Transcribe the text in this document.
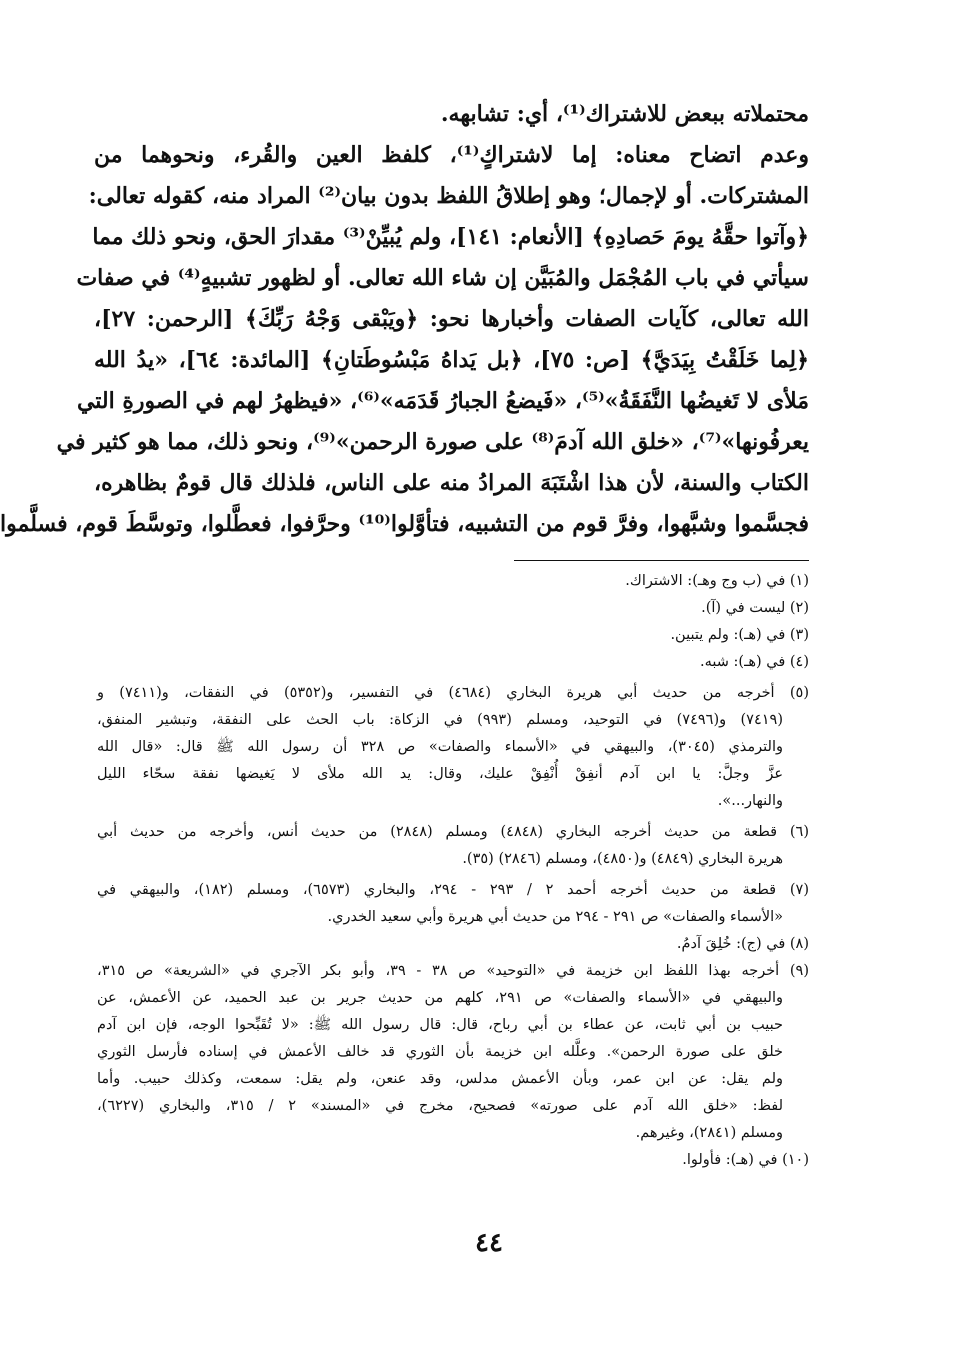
محتملاته ببعض للاشتراك⁽¹⁾، أي: تشابهه.
وعدم اتضاح معناه: إما لاشتراكٍ⁽¹⁾، كلفظ العين والقُرء، ونحوهما من
المشتركات. أو لإجمال؛ وهو إطلاقُ اللفظ بدون بيان⁽²⁾ المراد منه، كقوله تعالى:
﴿وآتوا حقَّهُ يومَ حَصادِهِ﴾ [الأنعام: ١٤١]، ولم يُبيِّنْ⁽³⁾ مقدارَ الحق، ونحو ذلك مما
سيأتي في باب المُجْمَل والمُبَيَّن إن شاء الله تعالى. أو لظهور تشبيهٍ⁽⁴⁾ في صفات
الله تعالى، كآيات الصفات وأخبارها نحو: ﴿ويَبْقى وَجْهُ رَبِّكَ﴾ [الرحمن: ٢٧]،
﴿لِما خَلَقْتُ بِيَدَيَّ﴾ [ص: ٧٥]، ﴿بل يَداهُ مَبْسُوطَتانِ﴾ [المائدة: ٦٤]، «يدُ الله
مَلأى لا تَغيضُها النَّفَقَةُ»⁽⁵⁾، «فَيضعُ الجبارُ قَدَمَه»⁽⁶⁾، «فيظهرُ لهم في الصورةِ التي
يعرفُونها»⁽⁷⁾، «خلق الله آدمَ⁽⁸⁾ على صورة الرحمن»⁽⁹⁾، ونحو ذلك، مما هو كثير في
الكتاب والسنة، لأن هذا اشْتَبَهَ المرادُ منه على الناس، فلذلك قال قومٌ بظاهره،
فجسَّموا وشبَّهوا، وفرَّ قوم من التشبيه، فتأوَّلوا⁽¹⁰⁾ وحرَّفوا، فعطَّلوا، وتوسَّطَ قوم، فسلَّموا
(١) في (ب وج وهـ): الاشتراك.
(٢) ليست في (آ).
(٣) في (هـ): ولم يتبين.
(٤) في (هـ): شبه.
(٥) أخرجه من حديث أبي هريرة البخاري (٤٦٨٤) في التفسير، و(٥٣٥٢) في النفقات، و(٧٤١١) و
(٧٤١٩) و(٧٤٩٦) في التوحيد، ومسلم (٩٩٣) في الزكاة: باب الحث على النفقة، وتبشير المنفق،
والترمذي (٣٠٤٥)، والبيهقي في «الأسماء والصفات» ص ٣٢٨ أن رسول الله ﷺ قال: «قال الله
عزَّ وجلَّ: يا ابن آدم أنفِقْ أُنْفِقْ عليك، وقال: يد الله ملأى لا يَغيضها نفقة سحّاء الليل
والنهار...».
(٦) قطعة من حديث أخرجه البخاري (٤٨٤٨) ومسلم (٢٨٤٨) من حديث أنس، وأخرجه من حديث أبي
هريرة البخاري (٤٨٤٩) و(٤٨٥٠)، ومسلم (٢٨٤٦) (٣٥).
(٧) قطعة من حديث أخرجه أحمد ٢ / ٢٩٣ - ٢٩٤، والبخاري (٦٥٧٣)، ومسلم (١٨٢)، والبيهقي في
«الأسماء والصفات» ص ٢٩١ - ٢٩٤ من حديث أبي هريرة وأبي سعيد الخدري.
(٨) في (ج): خُلِقَ آدمُ.
(٩) أخرجه بهذا اللفظ ابن خزيمة في «التوحيد» ص ٣٨ - ٣٩، وأبو بكر الآجري في «الشريعة» ص ٣١٥،
والبيهقي في «الأسماء والصفات» ص ٢٩١، كلهم من حديث جرير بن عبد الحميد، عن الأعمش، عن
حبيب بن أبي ثابت، عن عطاء بن أبي رباح، قال: قال رسول الله ﷺ: «لا تُقَبِّحوا الوجه، فإن ابن آدم
خلق على صورة الرحمن». وعلَّله ابن خزيمة بأن الثوري قد خالف الأعمش في إسناده فأرسل الثوري
ولم يقل: عن ابن عمر، وبأن الأعمش مدلس، وقد عنعن، ولم يقل: سمعت، وكذلك حبيب. وأما
لفظ: «خلق الله آدم على صورته» فصحيح، مخرج في «المسند» ٢ / ٣١٥، والبخاري (٦٢٢٧)،
ومسلم (٢٨٤١)، وغيرهم.
(١٠) في (هـ): فأولوا.
٤٤
